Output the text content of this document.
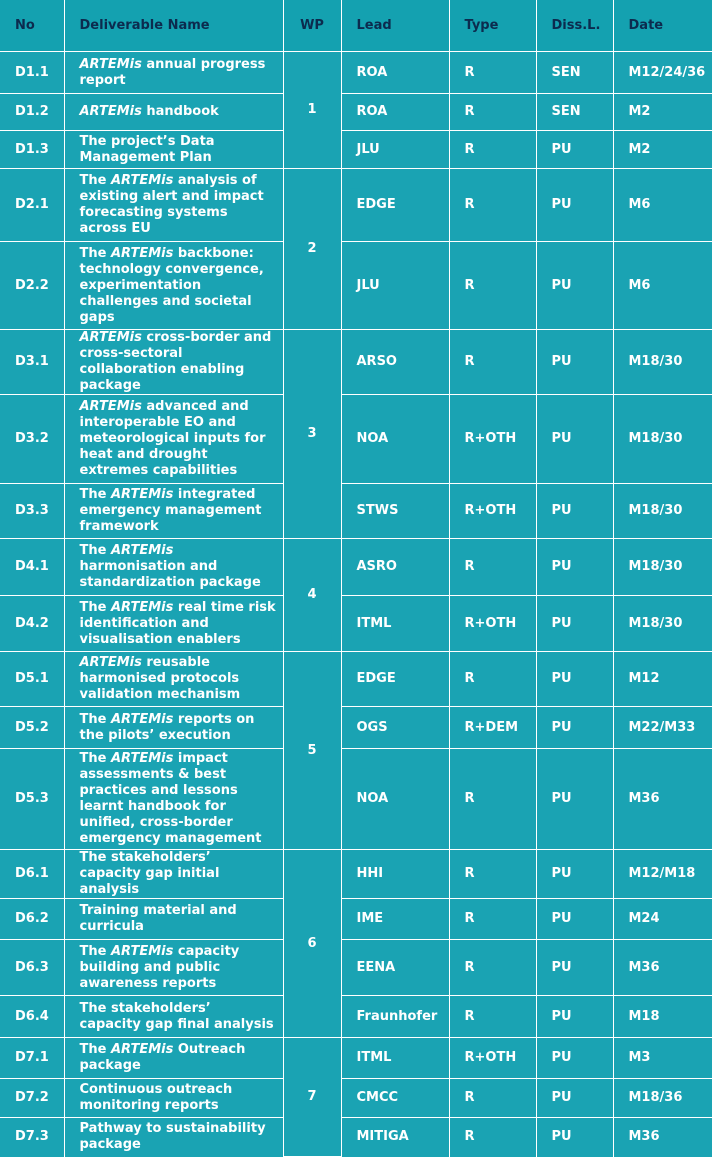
No	Deliverable Name	WP	Lead	Type	Diss.L.	Date
D1.1	ARTEMis annual progress report	1	ROA	R	SEN	M12/24/36
D1.2	ARTEMis handbook		ROA	R	SEN	M2
D1.3	The project’s Data Management Plan		JLU	R	PU	M2
D2.1	The ARTEMis analysis of existing alert and impact forecasting systems across EU	2	EDGE	R	PU	M6
D2.2	The ARTEMis backbone: technology convergence, experimentation challenges and societal gaps		JLU	R	PU	M6
D3.1	ARTEMis cross-border and cross-sectoral collaboration enabling package	3	ARSO	R	PU	M18/30
D3.2	ARTEMis advanced and interoperable EO and meteorological inputs for heat and drought extremes capabilities		NOA	R+OTH	PU	M18/30
D3.3	The ARTEMis integrated emergency management framework		STWS	R+OTH	PU	M18/30
D4.1	The ARTEMis harmonisation and standardization package	4	ASRO	R	PU	M18/30
D4.2	The ARTEMis real time risk identification and visualisation enablers		ITML	R+OTH	PU	M18/30
D5.1	ARTEMis reusable harmonised protocols validation mechanism	5	EDGE	R	PU	M12
D5.2	The ARTEMis reports on the pilots’ execution		OGS	R+DEM	PU	M22/M33
D5.3	The ARTEMis impact assessments & best practices and lessons learnt handbook for unified, cross-border emergency management		NOA	R	PU	M36
D6.1	The stakeholders’ capacity gap initial analysis	6	HHI	R	PU	M12/M18
D6.2	Training material and curricula		IME	R	PU	M24
D6.3	The ARTEMis capacity building and public awareness reports		EENA	R	PU	M36
D6.4	The stakeholders’ capacity gap final analysis		Fraunhofer	R	PU	M18
D7.1	The ARTEMis Outreach package	7	ITML	R+OTH	PU	M3
D7.2	Continuous outreach monitoring reports		CMCC	R	PU	M18/36
D7.3	Pathway to sustainability package		MITIGA	R	PU	M36
